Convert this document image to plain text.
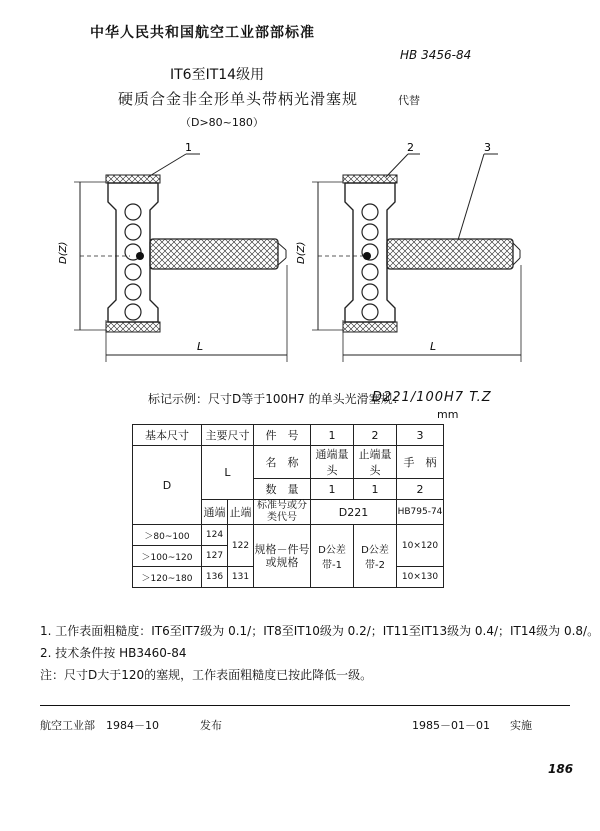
中华人民共和国航空工业部部标准
HB 3456-84
IT6至IT14级用
硬质合金非全形单头带柄光滑塞规
（D>80~180）
代替
1
D(Z)
L
2	3
D(Z)
L
标记示例：尺寸D等于100H7 的单头光滑塞规：
D221/100H7 T.Z
mm
基本尺寸	主要尺寸		件　号	1	2	3
D	L		名　称	通端量头	止端量头	手　柄
			数　量	1	1	2
	通端	止端	标准号或分类代号	D221		HB795-74

＞80~100	124	122	规格－件号或规格	D公差带-1	D公差带-2	10×120
＞100~120	127					
＞120~180	136	131				10×130
1. 工作表面粗糙度：IT6至IT7级为 0.1/；IT8至IT10级为 0.2/；IT11至IT13级为 0.4/；IT14级为 0.8/。
2. 技术条件按 HB3460-84
注：尺寸D大于120的塞规，工作表面粗糙度已按此降低一级。
航空工业部　1984－10	发布	1985－01－01 实施
186
